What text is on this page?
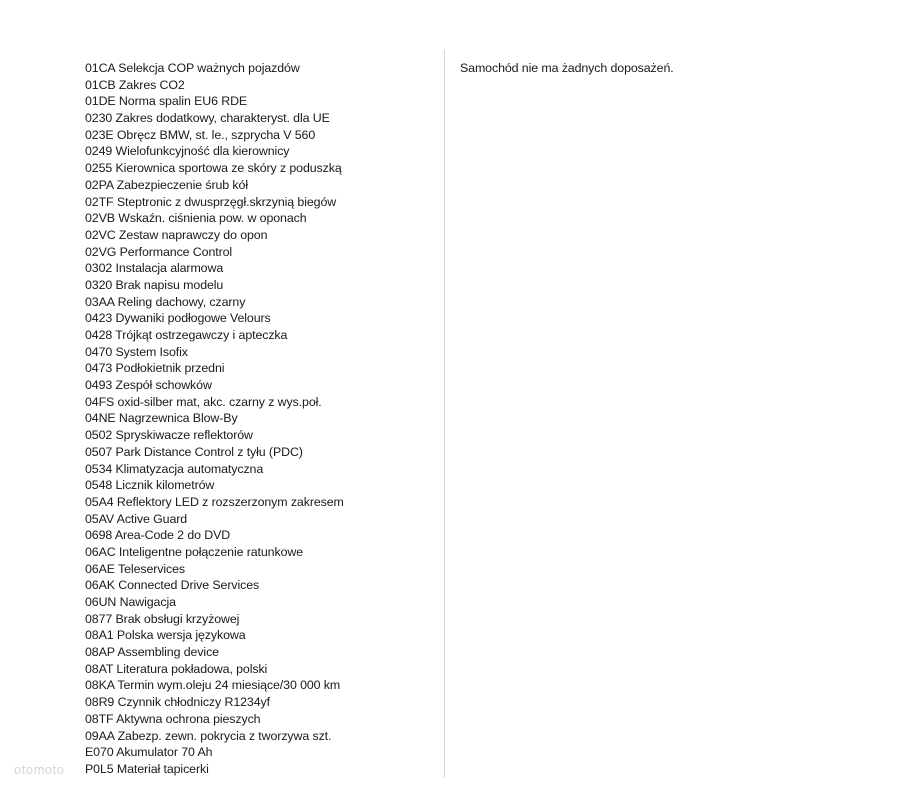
01CA Selekcja COP ważnych pojazdów
01CB Zakres CO2
01DE Norma spalin EU6 RDE
0230 Zakres dodatkowy, charakteryst. dla UE
023E Obręcz BMW, st. le., szprycha V 560
0249 Wielofunkcyjność dla kierownicy
0255 Kierownica sportowa ze skóry z poduszką
02PA Zabezpieczenie śrub kół
02TF Steptronic z dwusprzęgł.skrzynią biegów
02VB Wskaźn. ciśnienia pow. w oponach
02VC Zestaw naprawczy do opon
02VG Performance Control
0302 Instalacja alarmowa
0320 Brak napisu modelu
03AA Reling dachowy, czarny
0423 Dywaniki podłogowe Velours
0428 Trójkąt ostrzegawczy i apteczka
0470 System Isofix
0473 Podłokietnik przedni
0493 Zespół schowków
04FS oxid-silber mat, akc. czarny z wys.poł.
04NE Nagrzewnica Blow-By
0502 Spryskiwacze reflektorów
0507 Park Distance Control z tyłu (PDC)
0534 Klimatyzacja automatyczna
0548 Licznik kilometrów
05A4 Reflektory LED z rozszerzonym zakresem
05AV Active Guard
0698 Area-Code 2 do DVD
06AC Inteligentne połączenie ratunkowe
06AE Teleservices
06AK Connected Drive Services
06UN Nawigacja
0877 Brak obsługi krzyżowej
08A1 Polska wersja językowa
08AP Assembling device
08AT Literatura pokładowa, polski
08KA Termin wym.oleju 24 miesiące/30 000 km
08R9 Czynnik chłodniczy R1234yf
08TF Aktywna ochrona pieszych
09AA Zabezp. zewn. pokrycia z tworzywa szt.
E070 Akumulator 70 Ah
P0L5 Materiał tapicerki
Samochód nie ma żadnych doposażeń.
otomoto
